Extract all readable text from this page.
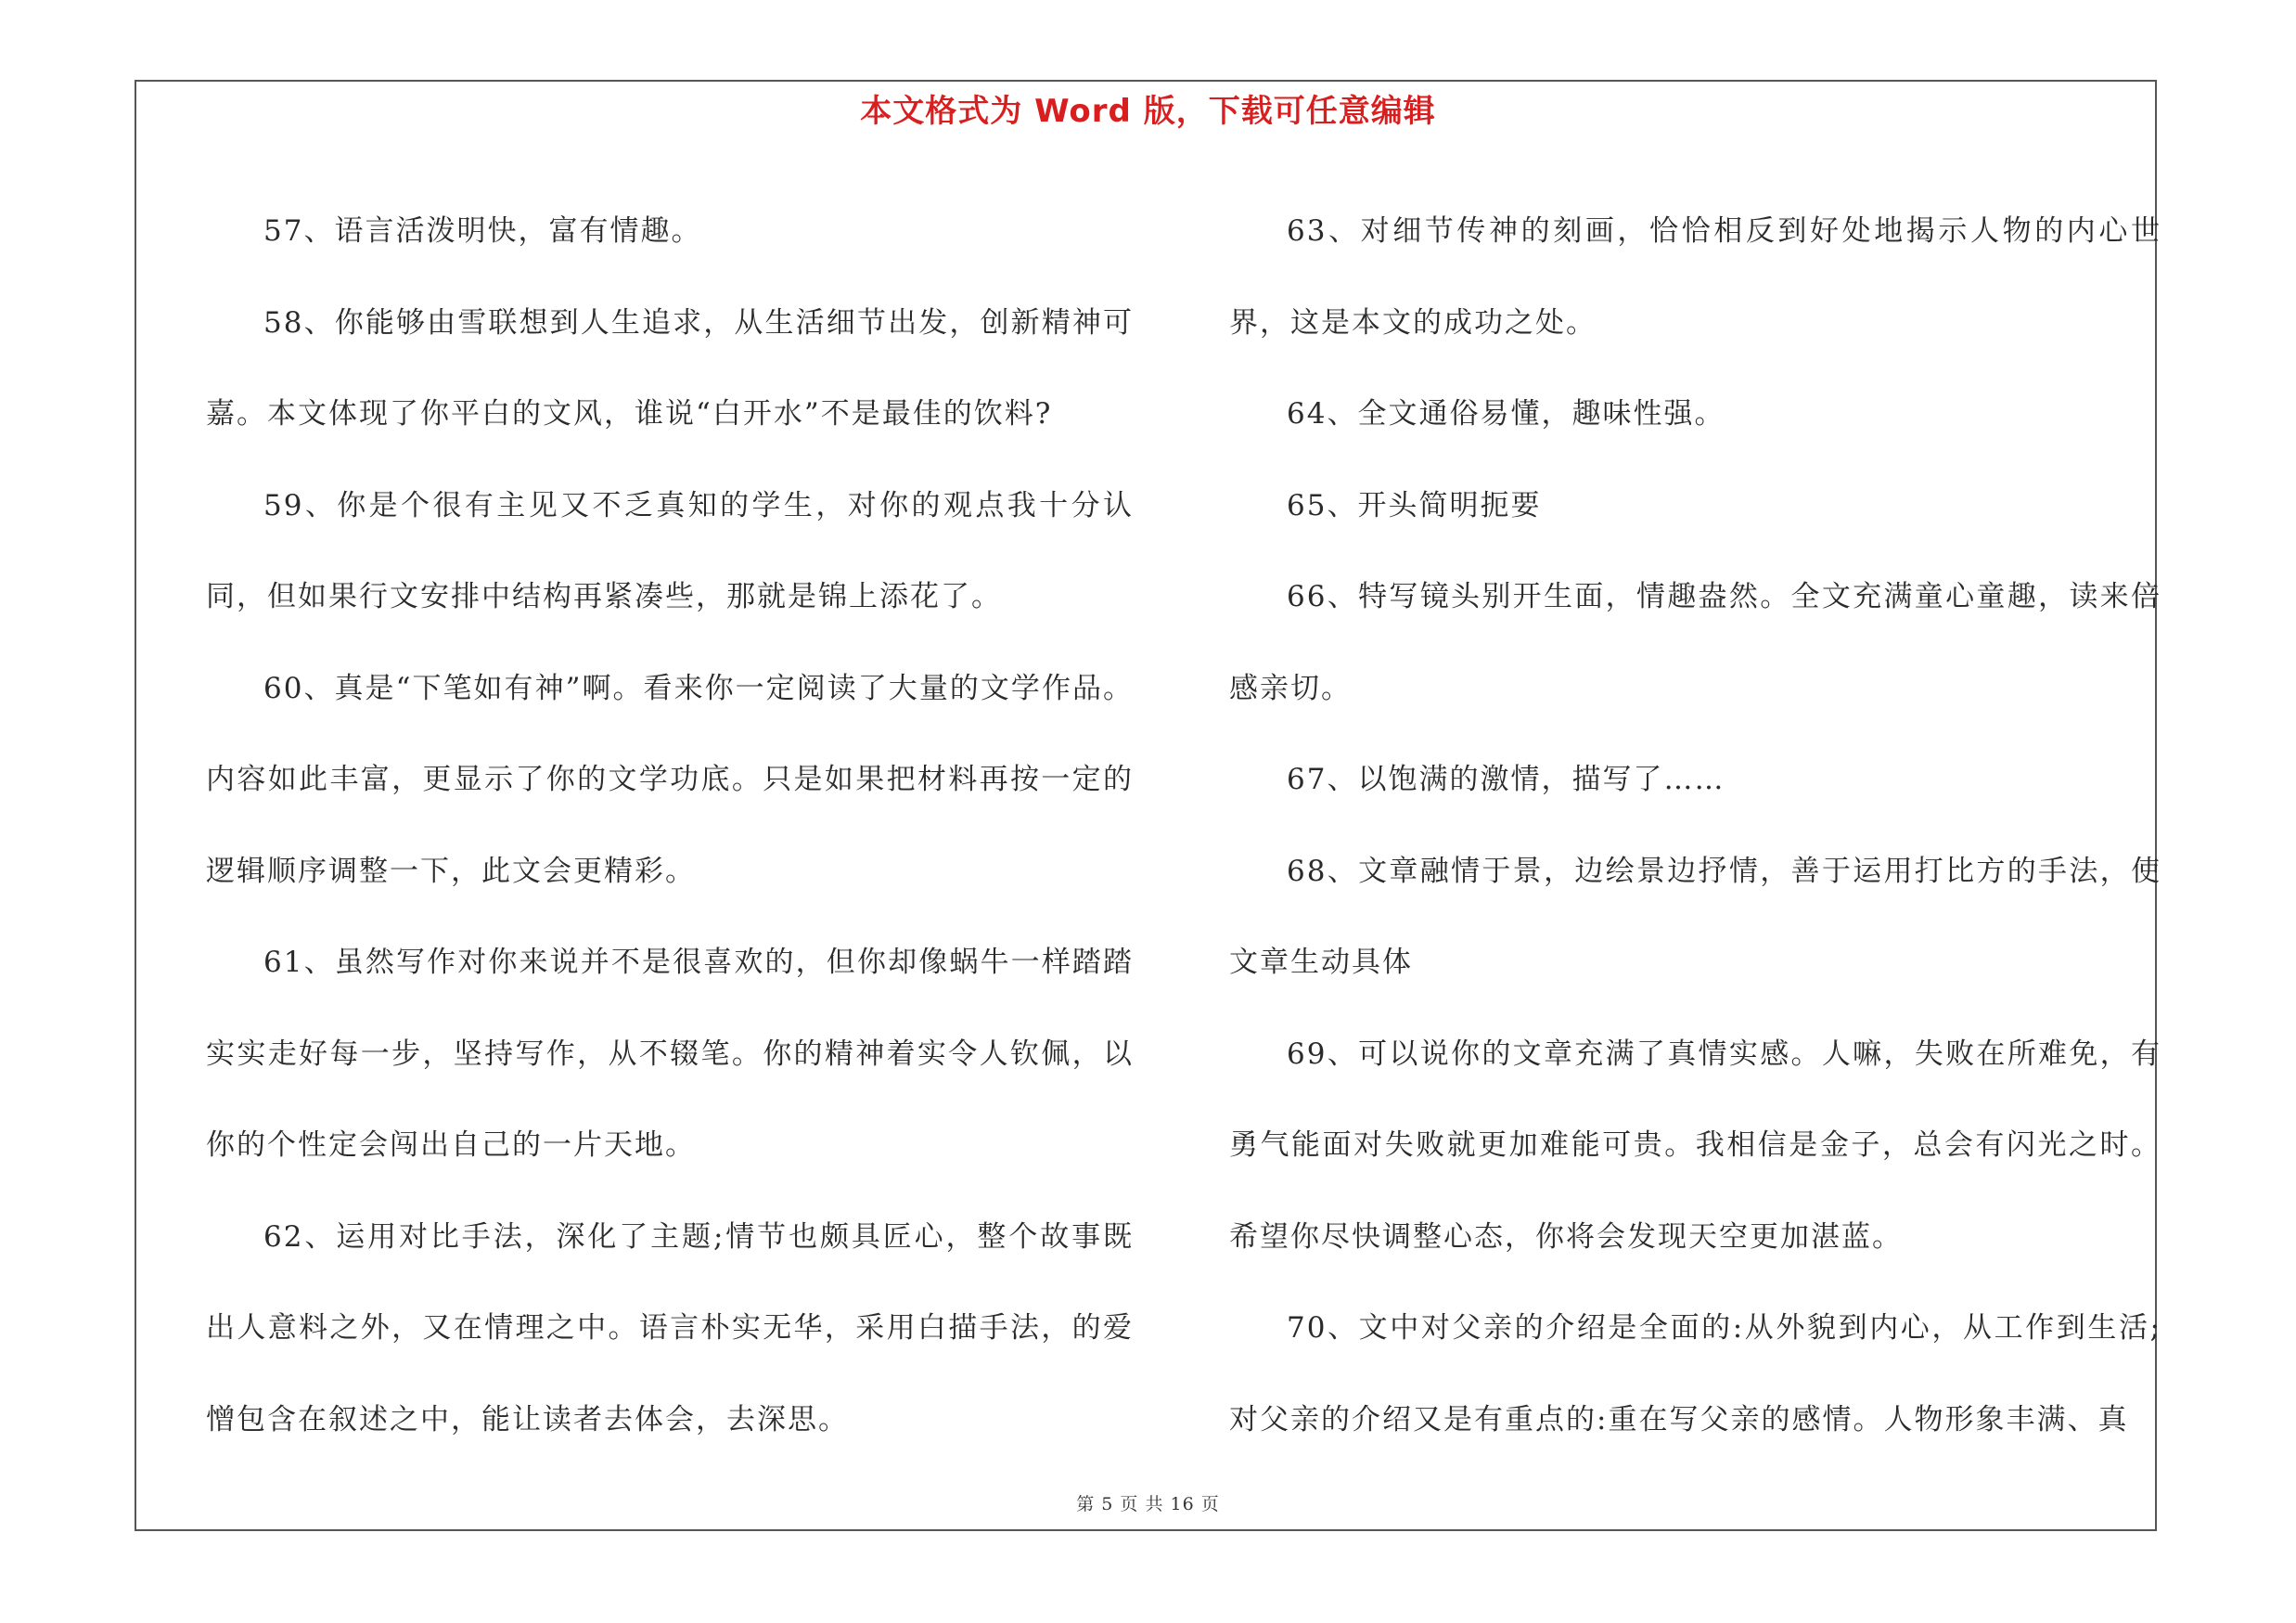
本文格式为 Word 版，下载可任意编辑

57、语言活泼明快，富有情趣。

58、你能够由雪联想到人生追求，从生活细节出发，创新精神可嘉。本文体现了你平白的文风，谁说“白开水”不是最佳的饮料?

59、你是个很有主见又不乏真知的学生，对你的观点我十分认同，但如果行文安排中结构再紧凑些，那就是锦上添花了。

60、真是“下笔如有神”啊。看来你一定阅读了大量的文学作品。内容如此丰富，更显示了你的文学功底。只是如果把材料再按一定的逻辑顺序调整一下，此文会更精彩。

61、虽然写作对你来说并不是很喜欢的，但你却像蜗牛一样踏踏实实走好每一步，坚持写作，从不辍笔。你的精神着实令人钦佩，以你的个性定会闯出自己的一片天地。

62、运用对比手法，深化了主题;情节也颇具匠心，整个故事既出人意料之外，又在情理之中。语言朴实无华，采用白描手法，的爱憎包含在叙述之中，能让读者去体会，去深思。

63、对细节传神的刻画，恰恰相反到好处地揭示人物的内心世界，这是本文的成功之处。

64、全文通俗易懂，趣味性强。

65、开头简明扼要

66、特写镜头别开生面，情趣盎然。全文充满童心童趣，读来倍感亲切。

67、以饱满的激情，描写了……

68、文章融情于景，边绘景边抒情，善于运用打比方的手法，使文章生动具体

69、可以说你的文章充满了真情实感。人嘛，失败在所难免，有勇气能面对失败就更加难能可贵。我相信是金子，总会有闪光之时。希望你尽快调整心态，你将会发现天空更加湛蓝。

70、文中对父亲的介绍是全面的:从外貌到内心，从工作到生活;对父亲的介绍又是有重点的:重在写父亲的感情。人物形象丰满、真

第 5 页 共 16 页
